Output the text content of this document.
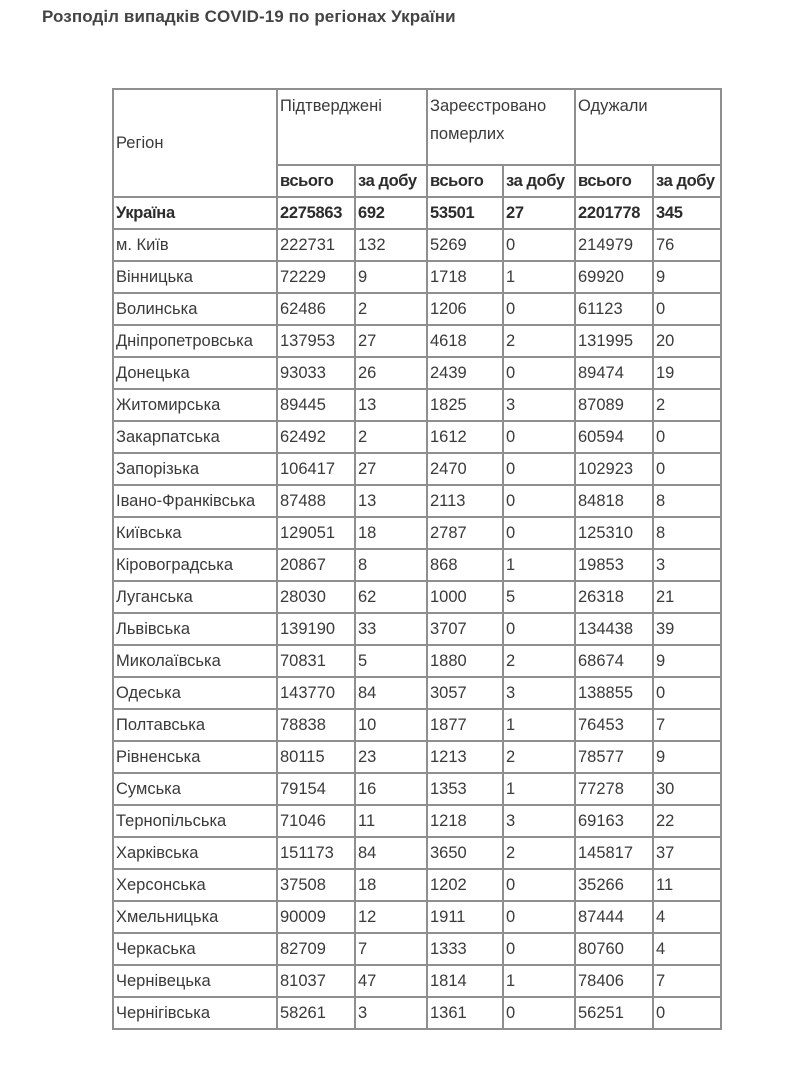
Розподіл випадків COVID-19 по регіонах України
Регіон	Підтверджені		Зареєстровано померлих		Одужали	
	всього	за добу	всього	за добу	всього	за добу
Україна	2275863	692	53501	27	2201778	345
м. Київ	222731	132	5269	0	214979	76
Вінницька	72229	9	1718	1	69920	9
Волинська	62486	2	1206	0	61123	0
Дніпропетровська	137953	27	4618	2	131995	20
Донецька	93033	26	2439	0	89474	19
Житомирська	89445	13	1825	3	87089	2
Закарпатська	62492	2	1612	0	60594	0
Запорізька	106417	27	2470	0	102923	0
Івано-​Франківська	87488	13	2113	0	84818	8
Київська	129051	18	2787	0	125310	8
Кіровоградська	20867	8	868	1	19853	3
Луганська	28030	62	1000	5	26318	21
Львівська	139190	33	3707	0	134438	39
Миколаївська	70831	5	1880	2	68674	9
Одеська	143770	84	3057	3	138855	0
Полтавська	78838	10	1877	1	76453	7
Рівненська	80115	23	1213	2	78577	9
Сумська	79154	16	1353	1	77278	30
Тернопільська	71046	11	1218	3	69163	22
Харківська	151173	84	3650	2	145817	37
Херсонська	37508	18	1202	0	35266	11
Хмельницька	90009	12	1911	0	87444	4
Черкаська	82709	7	1333	0	80760	4
Чернівецька	81037	47	1814	1	78406	7
Чернігівська	58261	3	1361	0	56251	0
